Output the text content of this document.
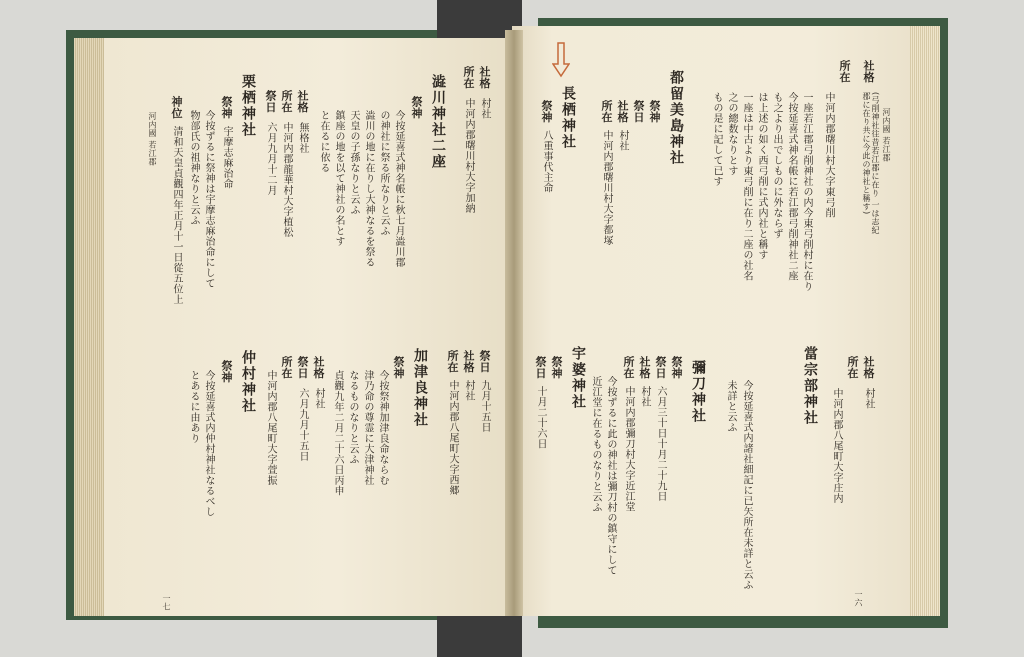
河内國 若江郡
社格
(弓削神社往昔若江郡に在り 一は志紀郡に在り共に今此の神社と稱す)
所在
中河内郡曙川村大字東弓削
一座若江郡弓削神社の内今東弓削村に在り
今按延喜式神名帳に若江郡弓削神社二座
も之より出でしものに外ならず
は上述の如く西弓削に式内社と稱す
一座は中古より東弓削に在り二座の社名
之の總数なりとす
もの是に記して已す
都留美島神社
祭神
祭日
社格
村社
所在
中河内郡曙川村大字都塚
長栖神社
祭神
八重事代主命
社格
村社
所在
中河内郡八尾町大字庄内
當宗部神社
今按延喜式内諸社細記に已矢所在未詳と云ふ
未詳と云ふ
彌刀神社
祭神
祭日
六月三十日十月二十九日
社格
村社
所在
中河内郡彌刀村大字近江堂
今按ずるに此の神社は彌刀村の鎮守にして
近江堂に在るものなりと云ふ
宇婆神社
祭神
祭日
十月二十六日
一六
社格
村社
所在
中河内郡曙川村大字加納
澁川神社二座
祭神
今按延喜式神名帳に秋七月澁川郡
の神社に祭る所なりと云ふ
澁川の地に在りし大神なるを祭る
天皇の子孫なりと云ふ
鎮座の地を以て神社の名とす
と在るに依る
社格
無格社
所在
中河内郡龍華村大字植松
祭日
六月九月十二月
栗栖神社
祭神
宇摩志麻治命
今按ずるに祭神は宇摩志麻治命にして
物部氏の祖神なりと云ふ
神位
清和天皇貞觀四年正月十一日從五位上
河内國 若江郡
祭日
九月十五日
社格
村社
所在
中河内郡八尾町大字西郷
加津良神社
祭神
今按祭神加津良命ならむ
津乃命の尊霊に大津神社
なるものなりと云ふ
貞觀九年二月二十六日丙申
社格
村社
祭日
六月九月十五日
所在
中河内郡八尾町大字萱振
仲村神社
祭神
今按延喜式内仲村神社なるべし
とあるに由あり
一七
